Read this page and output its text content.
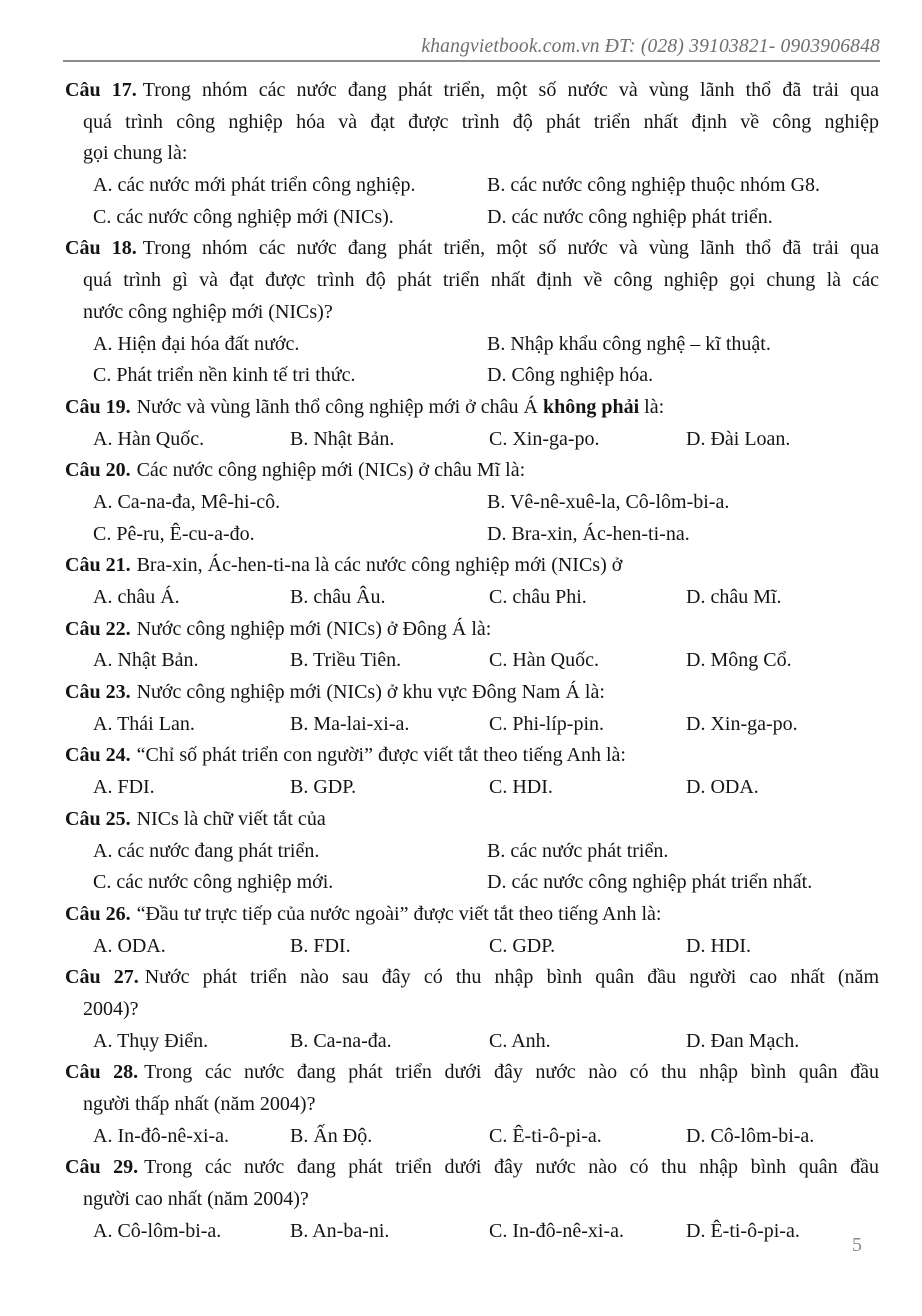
khangvietbook.com.vn ĐT: (028) 39103821- 0903906848
Câu 17. Trong nhóm các nước đang phát triển, một số nước và vùng lãnh thổ đã trải qua
quá trình công nghiệp hóa và đạt được trình độ phát triển nhất định về công nghiệp
gọi chung là:
A. các nước mới phát triển công nghiệp.	B. các nước công nghiệp thuộc nhóm G8.
C. các nước công nghiệp mới (NICs).	D. các nước công nghiệp phát triển.
Câu 18. Trong nhóm các nước đang phát triển, một số nước và vùng lãnh thổ đã trải qua
quá trình gì và đạt được trình độ phát triển nhất định về công nghiệp gọi chung là các
nước công nghiệp mới (NICs)?
A. Hiện đại hóa đất nước.	B. Nhập khẩu công nghệ – kĩ thuật.
C. Phát triển nền kinh tế tri thức.	D. Công nghiệp hóa.
Câu 19. Nước và vùng lãnh thổ công nghiệp mới ở châu Á không phải là:
A. Hàn Quốc.	B. Nhật Bản.	C. Xin-ga-po.	D. Đài Loan.
Câu 20. Các nước công nghiệp mới (NICs) ở châu Mĩ là:
A. Ca-na-đa, Mê-hi-cô.	B. Vê-nê-xuê-la, Cô-lôm-bi-a.
C. Pê-ru, Ê-cu-a-đo.	D. Bra-xin, Ác-hen-ti-na.
Câu 21. Bra-xin, Ác-hen-ti-na là các nước công nghiệp mới (NICs) ở
A. châu Á.	B. châu Âu.	C. châu Phi.	D. châu Mĩ.
Câu 22. Nước công nghiệp mới (NICs) ở Đông Á là:
A. Nhật Bản.	B. Triều Tiên.	C. Hàn Quốc.	D. Mông Cổ.
Câu 23. Nước công nghiệp mới (NICs) ở khu vực Đông Nam Á là:
A. Thái Lan.	B. Ma-lai-xi-a.	C. Phi-líp-pin.	D. Xin-ga-po.
Câu 24. “Chỉ số phát triển con người” được viết tắt theo tiếng Anh là:
A. FDI.	B. GDP.	C. HDI.	D. ODA.
Câu 25. NICs là chữ viết tắt của
A. các nước đang phát triển.	B. các nước phát triển.
C. các nước công nghiệp mới.	D. các nước công nghiệp phát triển nhất.
Câu 26. “Đầu tư trực tiếp của nước ngoài” được viết tắt theo tiếng Anh là:
A. ODA.	B. FDI.	C. GDP.	D. HDI.
Câu 27. Nước phát triển nào sau đây có thu nhập bình quân đầu người cao nhất (năm
2004)?
A. Thụy Điển.	B. Ca-na-đa.	C. Anh.	D. Đan Mạch.
Câu 28. Trong các nước đang phát triển dưới đây nước nào có thu nhập bình quân đầu
người thấp nhất (năm 2004)?
A. In-đô-nê-xi-a.	B. Ấn Độ.	C. Ê-ti-ô-pi-a.	D. Cô-lôm-bi-a.
Câu 29. Trong các nước đang phát triển dưới đây nước nào có thu nhập bình quân đầu
người cao nhất (năm 2004)?
A. Cô-lôm-bi-a.	B. An-ba-ni.	C. In-đô-nê-xi-a.	D. Ê-ti-ô-pi-a.
5
